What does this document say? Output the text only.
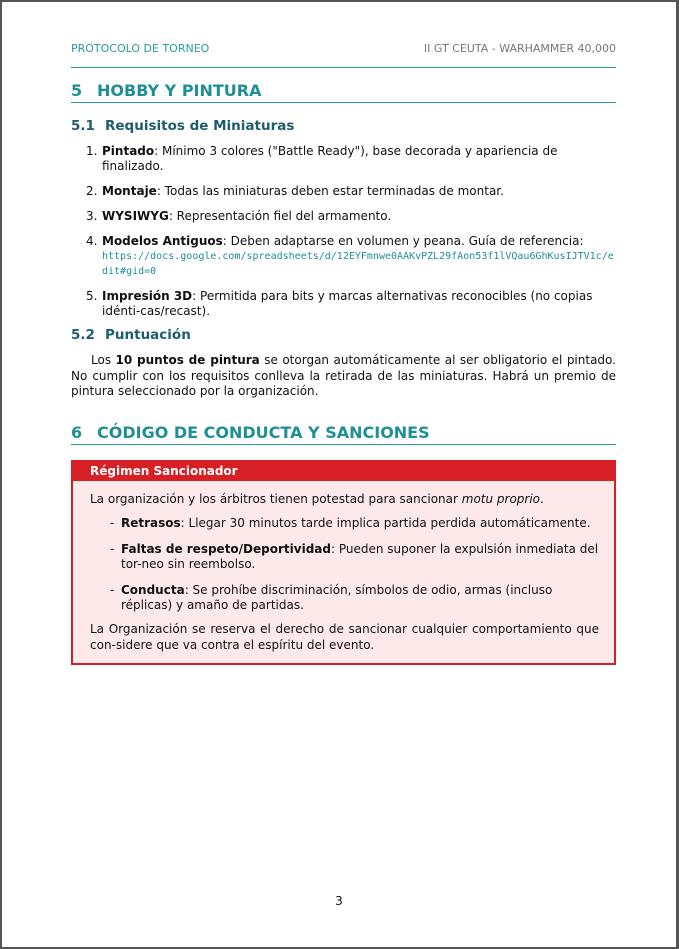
PROTOCOLO DE TORNEO	II GT CEUTA - WARHAMMER 40,000
5 HOBBY Y PINTURA
5.1 Requisitos de Miniaturas
1. Pintado: Mínimo 3 colores ("Battle Ready"), base decorada y apariencia de finalizado.
2. Montaje: Todas las miniaturas deben estar terminadas de montar.
3. WYSIWYG: Representación fiel del armamento.
4. Modelos Antiguos: Deben adaptarse en volumen y peana. Guía de referencia:
https://docs.google.com/spreadsheets/d/12EYFmnwe0AAKvPZL29fAon53f1lVQau6GhKusIJTV1c/edit#gid=0
5. Impresión 3D: Permitida para bits y marcas alternativas reconocibles (no copias idénti-cas/recast).
5.2 Puntuación

Los 10 puntos de pintura se otorgan automáticamente al ser obligatorio el pintado. No cumplir con los requisitos conlleva la retirada de las miniaturas. Habrá un premio de pintura seleccionado por la organización.

6 CÓDIGO DE CONDUCTA Y SANCIONES
Régimen Sancionador
La organización y los árbitros tienen potestad para sancionar motu proprio.
- Retrasos: Llegar 30 minutos tarde implica partida perdida automáticamente.
- Faltas de respeto/Deportividad: Pueden suponer la expulsión inmediata del tor-neo sin reembolso.
- Conducta: Se prohíbe discriminación, símbolos de odio, armas (incluso réplicas) y amaño de partidas.
La Organización se reserva el derecho de sancionar cualquier comportamiento que con-sidere que va contra el espíritu del evento.
3
